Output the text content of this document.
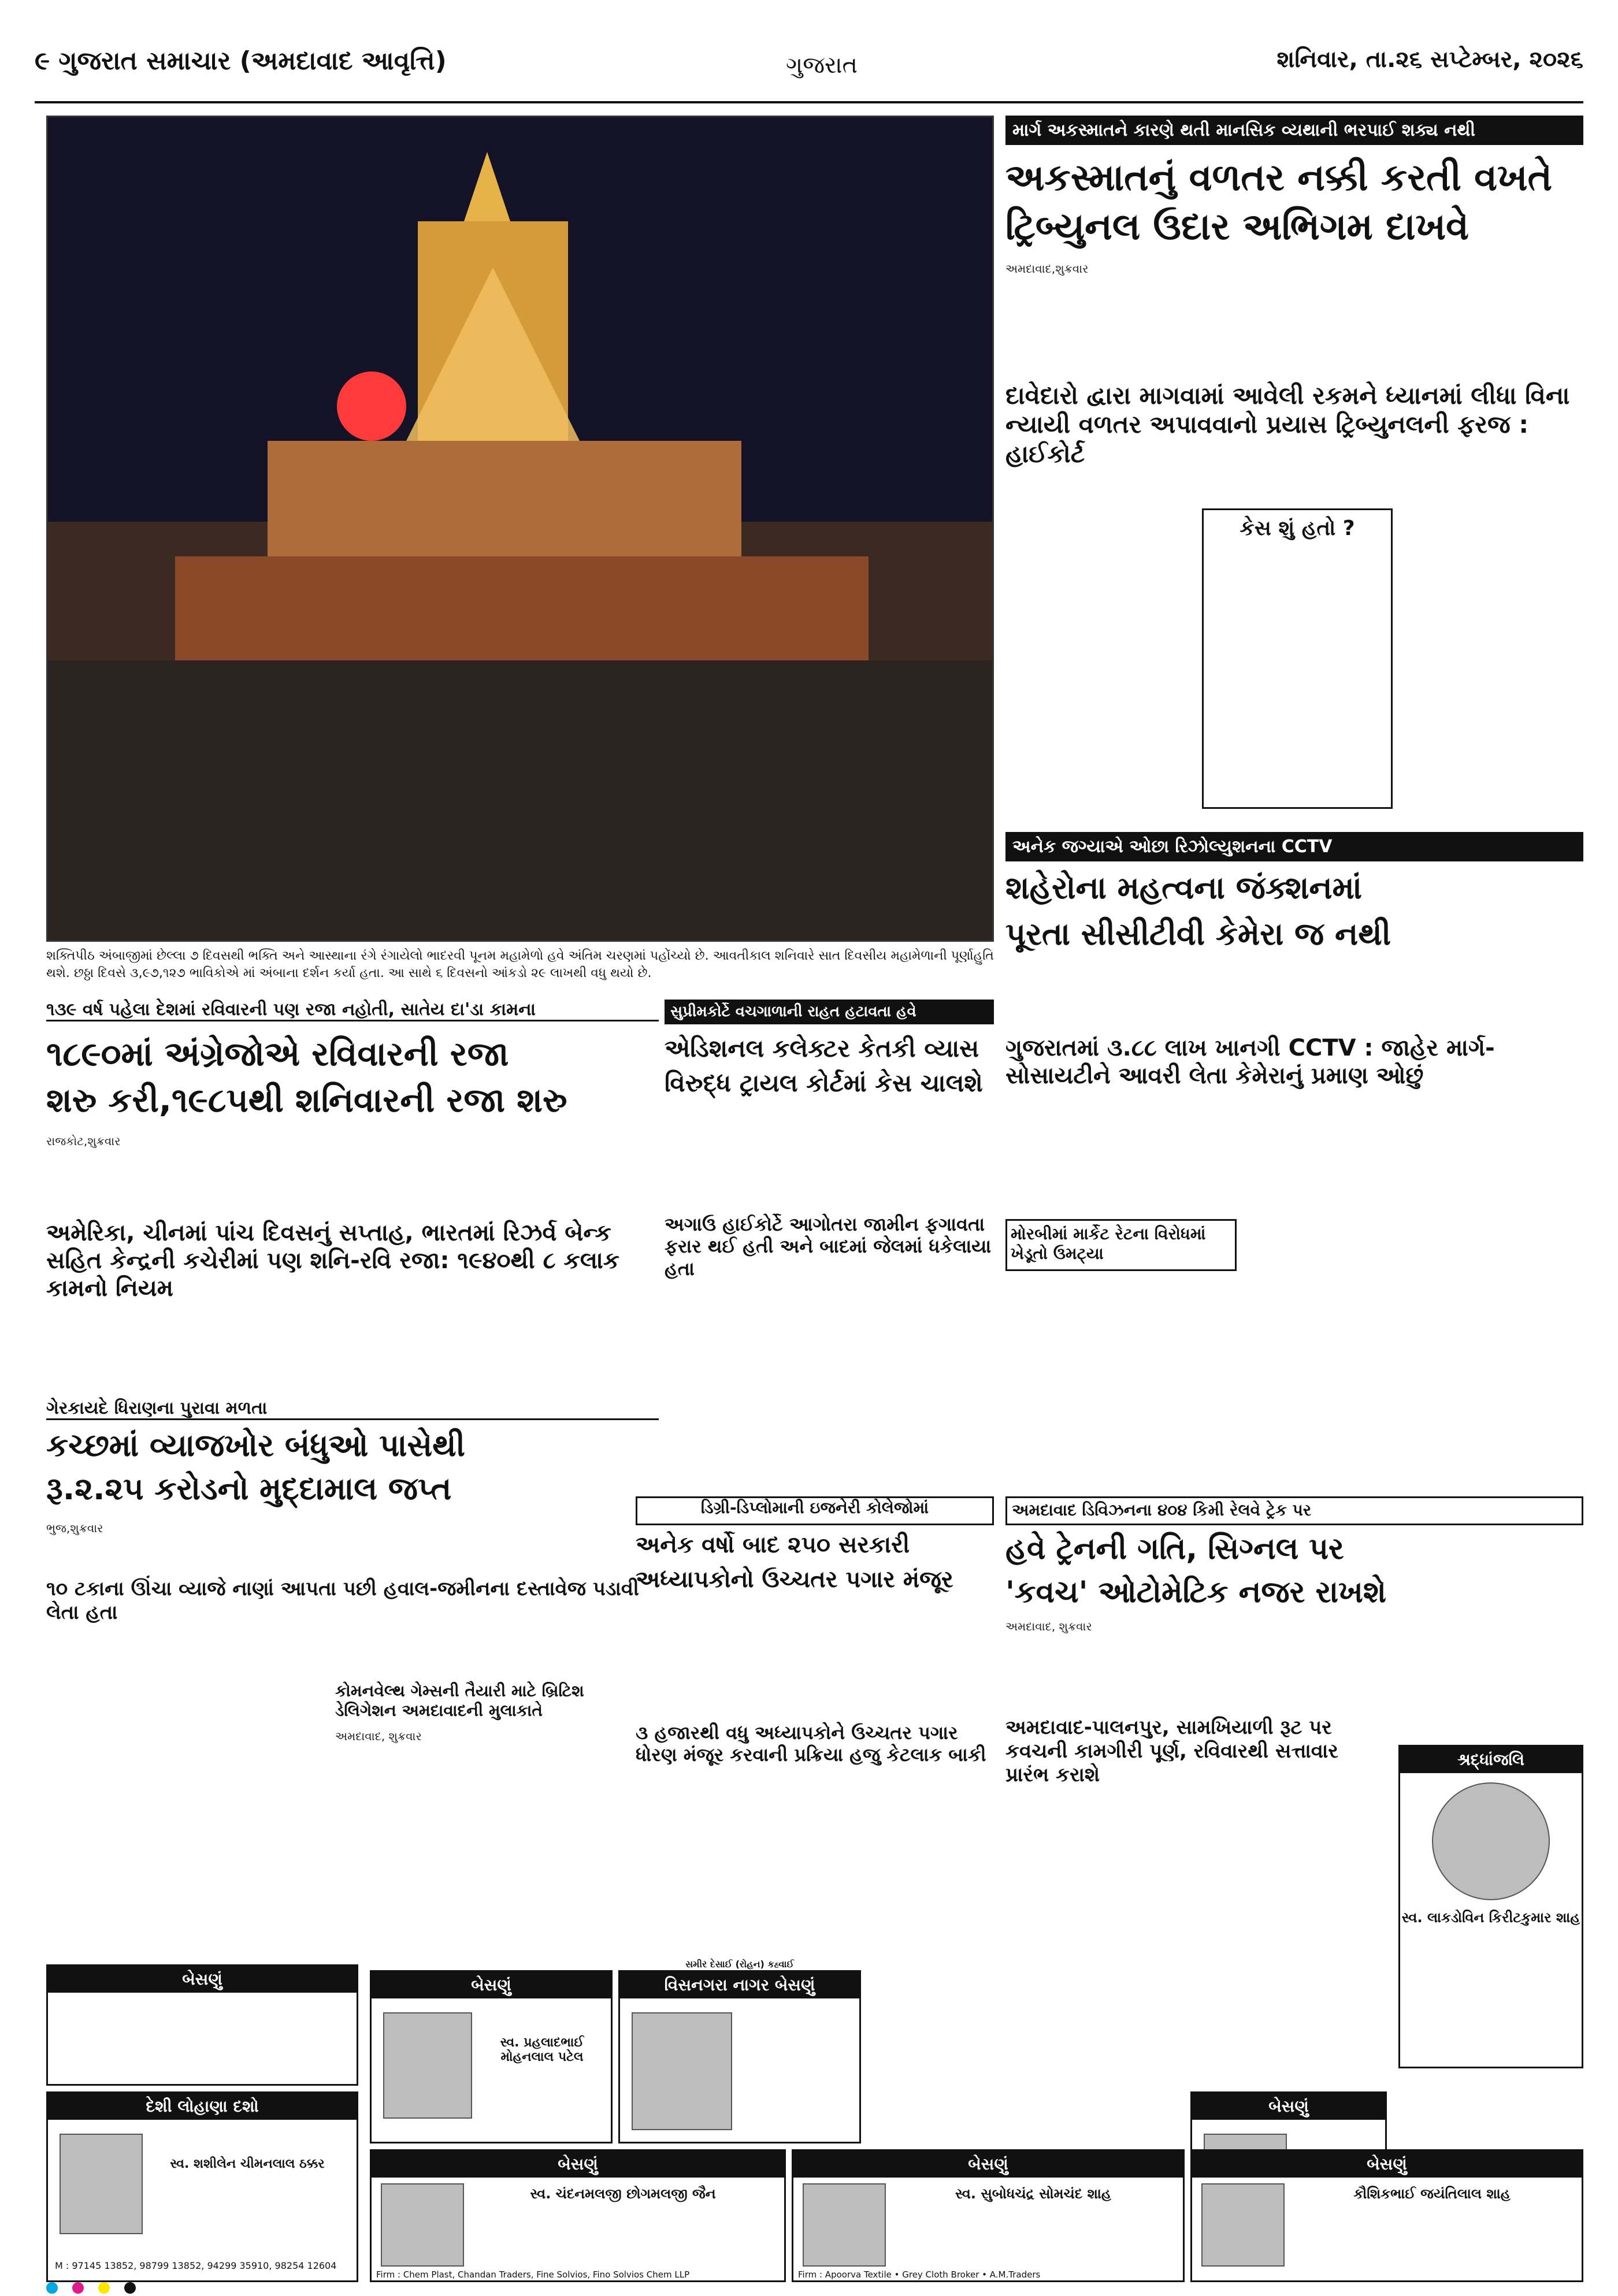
૯ ગુજરાત સમાચાર (અમદાવાદ આવૃત્તિ)	ગુજરાત	શનિવાર, તા.૨૬ સપ્ટેમ્બર, ૨૦૨૬
શક્તિપીઠ અંબાજીમાં છેલ્લા ૭ દિવસથી ભક્તિ અને આસ્થાના રંગે રંગાયેલો ભાદરવી પૂનમ મહામેળો હવે અંતિમ ચરણમાં પહોંચ્યો છે. આવતીકાલ શનિવારે સાત દિવસીય મહામેળાની પૂર્ણાહુતિ થશે. છઠ્ઠા દિવસે ૩,૯૭,૧૨૭ ભાવિકોએ માં અંબાના દર્શન કર્યા હતા. આ સાથે ૬ દિવસનો આંકડો ૨૯ લાખથી વધુ થયો છે.
માર્ગ અકસ્માતને કારણે થતી માનસિક વ્યથાની ભરપાઈ શક્ય નથી
અકસ્માતનું વળતર નક્કી કરતી વખતે
ટ્રિબ્યુનલ ઉદાર અભિગમ દાખવે
અમદાવાદ,શુક્રવાર
દાવેદારો દ્વારા માગવામાં આવેલી રકમને ધ્યાનમાં લીધા વિના ન્યાયી વળતર અપાવવાનો પ્રયાસ ટ્રિબ્યુનલની ફરજ : હાઈકોર્ટ
કેસ શું હતો ?
અનેક જગ્યાએ ઓછા રિઝોલ્યુશનના CCTV
શહેરોના મહત્વના જંક્શનમાં
પૂરતા સીસીટીવી કેમેરા જ નથી
ગુજરાતમાં ૩.૮૮ લાખ ખાનગી CCTV : જાહેર માર્ગ-સોસાયટીને આવરી લેતા કેમેરાનું પ્રમાણ ઓછું
૧૩૯ વર્ષ પહેલા દેશમાં રવિવારની પણ રજા નહોતી, સાતેય દા'ડા કામના
૧૮૯૦માં અંગ્રેજોએ રવિવારની રજા
શરુ કરી,૧૯૮૫થી શનિવારની રજા શરુ
રાજકોટ,શુક્રવાર
અમેરિકા, ચીનમાં પાંચ દિવસનું સપ્તાહ, ભારતમાં રિઝર્વ બેન્ક સહિત કેન્દ્રની કચેરીમાં પણ શનિ-રવિ રજા: ૧૯૪૦થી ૮ કલાક કામનો નિયમ
ગેરકાયદે ધિરાણના પુરાવા મળતા
કચ્છમાં વ્યાજખોર બંધુઓ પાસેથી
રૂ.૨.૨૫ કરોડનો મુદ્દામાલ જપ્ત
ભુજ,શુક્રવાર
૧૦ ટકાના ઊંચા વ્યાજે નાણાં આપતા પછી હવાલ-જમીનના દસ્તાવેજ પડાવી લેતા હતા
સુપ્રીમકોર્ટે વચગાળાની રાહત હટાવતા હવે
એડિશનલ કલેક્ટર કેતકી વ્યાસ
વિરુદ્ધ ટ્રાયલ કોર્ટમાં કેસ ચાલશે
અગાઉ હાઈકોર્ટે આગોતરા જામીન ફગાવતા ફરાર થઈ હતી અને બાદમાં જેલમાં ધકેલાયા હતા
મોરબીમાં માર્કેટ રેટના વિરોધમાં ખેડૂતો ઉમટ્યા
ડિગ્રી-ડિપ્લોમાની ઇજનેરી કોલેજોમાં
અનેક વર્ષો બાદ ૨૫૦ સરકારી
અધ્યાપકોનો ઉચ્ચતર પગાર મંજૂર
૩ હજારથી વધુ અધ્યાપકોને ઉચ્ચતર પગાર ધોરણ મંજૂર કરવાની પ્રક્રિયા હજુ કેટલાક બાકી
અમદાવાદ ડિવિઝનના ૪૦૪ કિમી રેલવે ટ્રેક પર
હવે ટ્રેનની ગતિ, સિગ્નલ પર
'કવચ' ઓટોમેટિક નજર રાખશે
અમદાવાદ, શુક્રવાર
અમદાવાદ-પાલનપુર, સામખિયાળી રૂટ પર કવચની કામગીરી પૂર્ણ, રવિવારથી સત્તાવાર પ્રારંભ કરાશે
કોમનવેલ્થ ગેમ્સની તૈયારી માટે બ્રિટિશ ડેલિગેશન અમદાવાદની મુલાકાતે
અમદાવાદ, શુક્રવાર
શ્રદ્ધાંજલિ
સ્વ. લાકડોવિન કિરીટકુમાર શાહ
બેસણું	બેસણું
સ્વ. પ્રહલાદભાઈ મોહનલાલ પટેલ
વિસનગરા નાગર બેસણું
દેશી લોહાણા દશો
સ્વ. શશીલેન ચીમનલાલ ઠક્કર
M : 97145 13852, 98799 13852, 94299 35910, 98254 12604
બેસણું
બેસણું
સ્વ. ચંદનમલજી છોગમલજી જૈન
Firm : Chem Plast, Chandan Traders, Fine Solvios, Fino Solvios Chem LLP
બેસણું
સ્વ. સુબોધચંદ્ર સોમચંદ શાહ
Firm : Apoorva Textile • Grey Cloth Broker • A.M.Traders
બેસણું
કૌશિકભાઈ જયંતિલાલ શાહ
સમીર દેસાઈ (રોહન) કહ્વાઈ
